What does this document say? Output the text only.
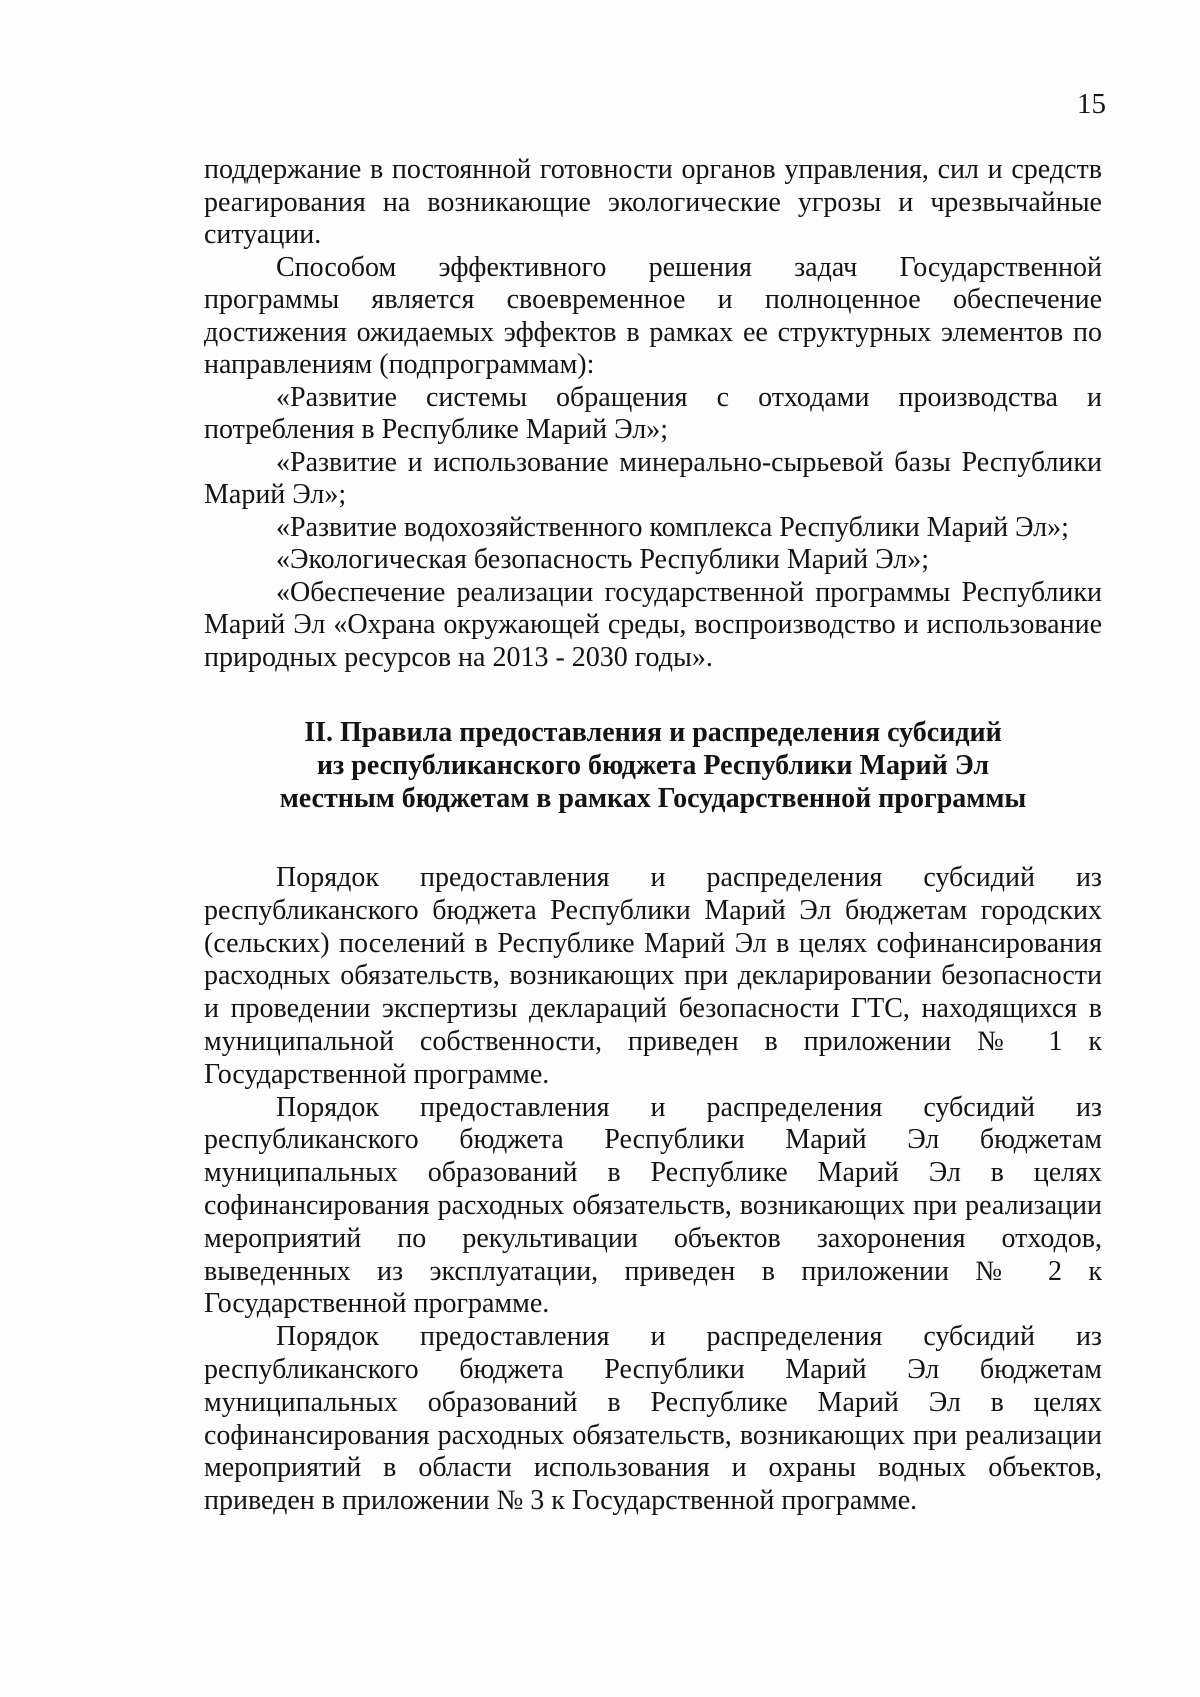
15

поддержание в постоянной готовности органов управления, сил и средств реагирования на возникающие экологические угрозы и чрезвычайные ситуации.

Способом эффективного решения задач Государственной программы является своевременное и полноценное обеспечение достижения ожидаемых эффектов в рамках ее структурных элементов по направлениям (подпрограммам):

«Развитие системы обращения с отходами производства и потребления в Республике Марий Эл»;

«Развитие и использование минерально-сырьевой базы Республики Марий Эл»;

«Развитие водохозяйственного комплекса Республики Марий Эл»;

«Экологическая безопасность Республики Марий Эл»;

«Обеспечение реализации государственной программы Республики Марий Эл «Охрана окружающей среды, воспроизводство и использование природных ресурсов на 2013 - 2030 годы».

II. Правила предоставления и распределения субсидий
из республиканского бюджета Республики Марий Эл
местным бюджетам в рамках Государственной программы

Порядок предоставления и распределения субсидий из республиканского бюджета Республики Марий Эл бюджетам городских (сельских) поселений в Республике Марий Эл в целях софинансирования расходных обязательств, возникающих при декларировании безопасности и проведении экспертизы деклараций безопасности ГТС, находящихся в муниципальной собственности, приведен в приложении № 1 к Государственной программе.

Порядок предоставления и распределения субсидий из республиканского бюджета Республики Марий Эл бюджетам муниципальных образований в Республике Марий Эл в целях софинансирования расходных обязательств, возникающих при реализации мероприятий по рекультивации объектов захоронения отходов, выведенных из эксплуатации, приведен в приложении № 2 к Государственной программе.

Порядок предоставления и распределения субсидий из республиканского бюджета Республики Марий Эл бюджетам муниципальных образований в Республике Марий Эл в целях софинансирования расходных обязательств, возникающих при реализации мероприятий в области использования и охраны водных объектов, приведен в приложении № 3 к Государственной программе.
